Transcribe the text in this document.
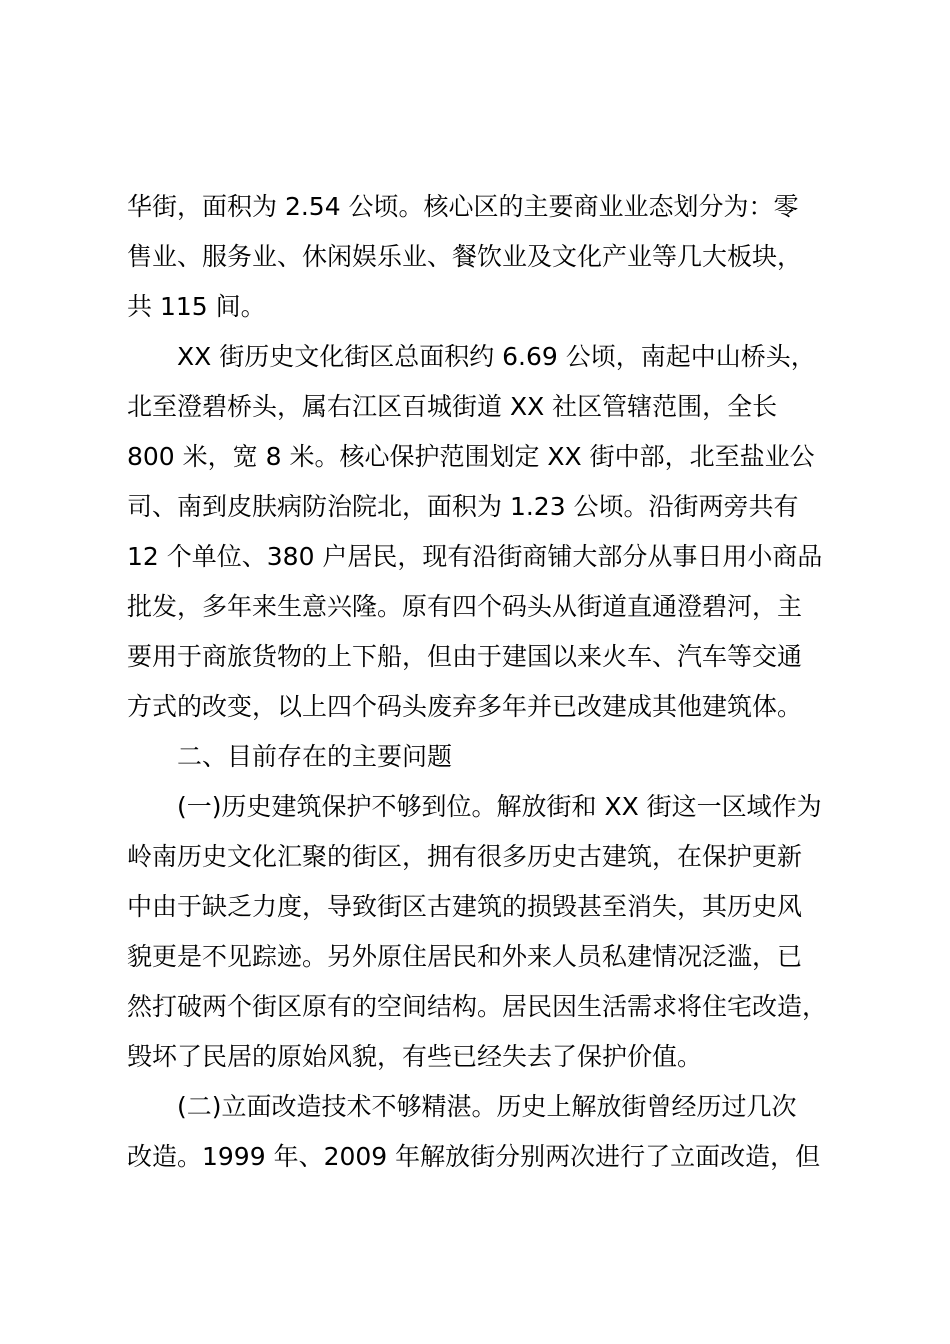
华街，面积为 2.54 公顷。核心区的主要商业业态划分为：零
售业、服务业、休闲娱乐业、餐饮业及文化产业等几大板块，
共 115 间。
XX 街历史文化街区总面积约 6.69 公顷，南起中山桥头，
北至澄碧桥头，属右江区百城街道 XX 社区管辖范围，全长
800 米，宽 8 米。核心保护范围划定 XX 街中部，北至盐业公
司、南到皮肤病防治院北，面积为 1.23 公顷。沿街两旁共有
12 个单位、380 户居民，现有沿街商铺大部分从事日用小商品
批发，多年来生意兴隆。原有四个码头从街道直通澄碧河，主
要用于商旅货物的上下船，但由于建国以来火车、汽车等交通
方式的改变，以上四个码头废弃多年并已改建成其他建筑体。
二、目前存在的主要问题
(一)历史建筑保护不够到位。解放街和 XX 街这一区域作为
岭南历史文化汇聚的街区，拥有很多历史古建筑，在保护更新
中由于缺乏力度，导致街区古建筑的损毁甚至消失，其历史风
貌更是不见踪迹。另外原住居民和外来人员私建情况泛滥，已
然打破两个街区原有的空间结构。居民因生活需求将住宅改造，
毁坏了民居的原始风貌，有些已经失去了保护价值。
(二)立面改造技术不够精湛。历史上解放街曾经历过几次
改造。1999 年、2009 年解放街分别两次进行了立面改造，但
